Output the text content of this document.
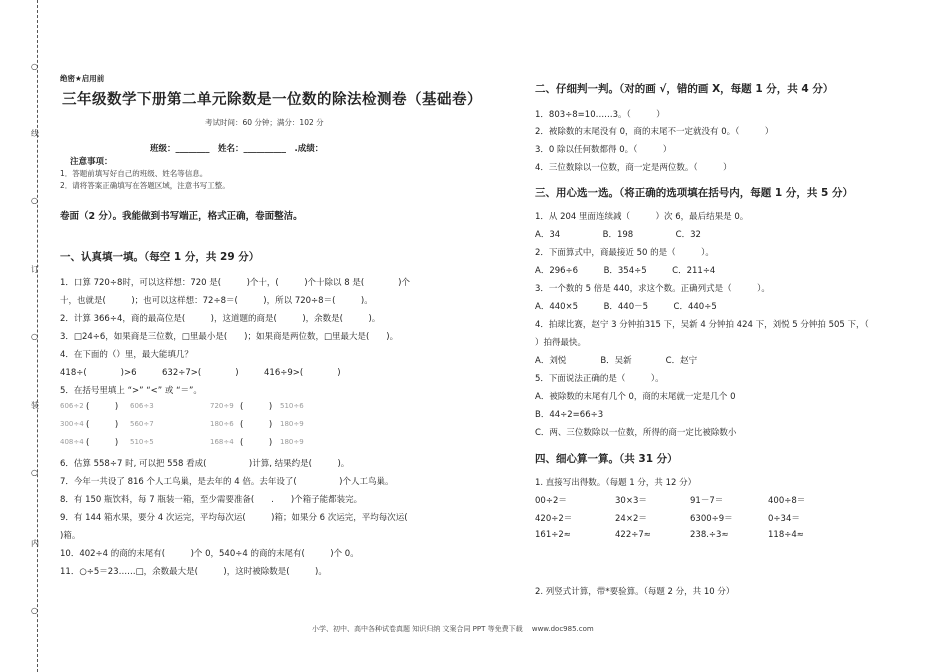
○
线
○
订
○
装
○
内
○
绝密★启用前
三年级数学下册第二单元除数是一位数的除法检测卷（基础卷）
考试时间：60 分钟；满分：102 分
班级：________　姓名：__________　.成绩：
注意事项：
1．答题前填写好自己的班级、姓名等信息。
2．请将答案正确填写在答题区域，注意书写工整。
卷面（2 分）。我能做到书写端正，格式正确，卷面整洁。
一、认真填一填。（每空 1 分，共 29 分）
1．口算 720÷8时，可以这样想：720 是(　　　)个十，(　　　)个十除以 8 是(　　　　)个
十，也就是(　　　)；也可以这样想：72÷8＝(　　　)，所以 720÷8＝(　　　)。
2．计算 366÷4，商的最高位是(　　　)，这道题的商是(　　　)，余数是(　　　)。
3．□24÷6，如果商是三位数，□里最小是(　　)；如果商是两位数，□里最大是(　　)。
4．在下面的（）里，最大能填几？
418÷(　　　　)>6　　　632÷7>(　　　　)　　　416÷9>(　　　　)
5．在括号里填上 “>” “<” 或 “＝”。
606÷2 (　　　) 606÷3	720÷9 (　　　) 510÷6
300÷4 (　　　) 560÷7	180÷6 (　　　) 180÷9
408÷4 (　　　) 510÷5	168÷4 (　　　) 180÷9
6．估算 558÷7 时, 可以把 558 看成(　　　　　)计算, 结果约是(　　　)。
7．今年一共设了 816 个人工鸟巢，是去年的 4 倍。去年设了(　　　　　)个人工鸟巢。
8．有 150 瓶饮料，每 7 瓶装一箱，至少需要准备(　　.　　)个箱子能都装完。
9．有 144 箱水果，要分 4 次运完，平均每次运(　　　)箱；如果分 6 次运完，平均每次运(
)箱。
10．402÷4 的商的末尾有(　　　)个 0，540÷4 的商的末尾有(　　　)个 0。
11．○÷5＝23……□，余数最大是(　　　)，这时被除数是(　　　)。
二、仔细判一判。（对的画 √，错的画 X，每题 1 分，共 4 分）
1．803÷8=10……3。（　　　）
2．被除数的末尾没有 0，商的末尾不一定就没有 0。（　　　）
3．0 除以任何数都得 0。（　　　）
4．三位数除以一位数，商一定是两位数。（　　　）
三、用心选一选。（将正确的选项填在括号内，每题 1 分，共 5 分）
1．从 204 里面连续减（　　　）次 6，最后结果是 0。
A．34　　　　　B．198　　　　　C．32
2．下面算式中，商最接近 50 的是（　　　）。
A．296÷6　　　B．354÷5　　　C．211÷4
3．一个数的 5 倍是 440，求这个数。正确列式是（　　　）。
A．440×5　　　B．440－5　　　C．440÷5
4．拍球比赛，赵宁 3 分钟拍315 下，吴新 4 分钟拍 424 下，刘悦 5 分钟拍 505 下，（
）拍得最快。
A．刘悦　　　　B．吴新　　　　C．赵宁
5．下面说法正确的是（　　　）。
A．被除数的末尾有几个 0，商的末尾就一定是几个 0
B．44÷2=66÷3
C．两、三位数除以一位数，所得的商一定比被除数小
四、细心算一算。（共 31 分）
1. 直接写出得数。（每题 1 分，共 12 分）
00÷2＝	30×3＝	91－7＝	400÷8＝
420÷2＝	24×2＝	6300÷9＝	0÷34＝
161÷2≈	422÷7≈	238.÷3≈	118÷4≈
2. 列竖式计算，带*要验算。（每题 2 分，共 10 分）
小学、初中、高中各种试卷真题 知识归纳 文案合同 PPT 等免费下载　 www.doc985.com
